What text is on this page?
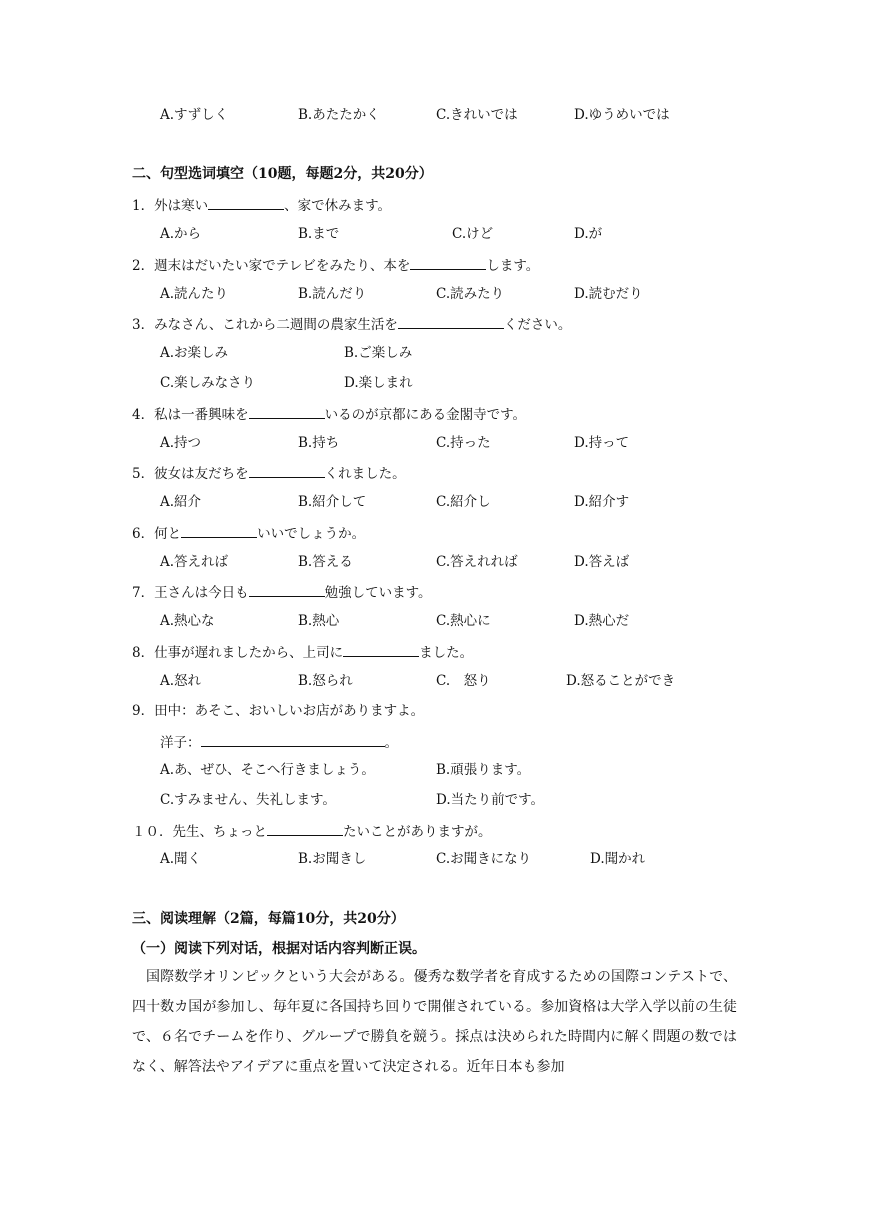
A.すずしく	B.あたたかく	C.きれいでは	D.ゆうめいでは
二、句型选词填空（10题，每题2分，共20分）
1．外は寒い	、家で休みます。
A.から	B.まで	C.けど	D.が
2．週末はだいたい家でテレビをみたり、本を	します。
A.読んたり	B.読んだり	C.読みたり	D.読むだり
3．みなさん、これから二週間の農家生活を	ください。
A.お楽しみ	B.ご楽しみ
C.楽しみなさり	D.楽しまれ
4．私は一番興味を	いるのが京都にある金閣寺です。
A.持つ	B.持ち	C.持った	D.持って
5．彼女は友だちを	くれました。
A.紹介	B.紹介して	C.紹介し	D.紹介す
6．何と	いいでしょうか。
A.答えれば	B.答える	C.答えれれば	D.答えば
7．王さんは今日も	勉強しています。
A.熱心な	B.熱心	C.熱心に	D.熱心だ
8．仕事が遅れましたから、上司に	ました。
A.怒れ	B.怒られ	C.　怒り	D.怒ることができ
9．田中：あそこ、おいしいお店がありますよ。
洋子：	。
A.あ、ぜひ、そこへ行きましょう。	B.頑張ります。
C.すみません、失礼します。	D.当たり前です。
１０．先生、ちょっと	たいことがありますが。
A.聞く	B.お聞きし	C.お聞きになり	D.聞かれ
三、阅读理解（2篇，每篇10分，共20分）
（一）阅读下列对话，根据对话内容判断正误。

国際数学オリンピックという大会がある。優秀な数学者を育成するための国際コンテストで、四十数カ国が参加し、毎年夏に各国持ち回りで開催されている。参加資格は大学入学以前の生徒で、６名でチームを作り、グループで勝負を競う。採点は決められた時間内に解く問題の数ではなく、解答法やアイデアに重点を置いて決定される。近年日本も参加
